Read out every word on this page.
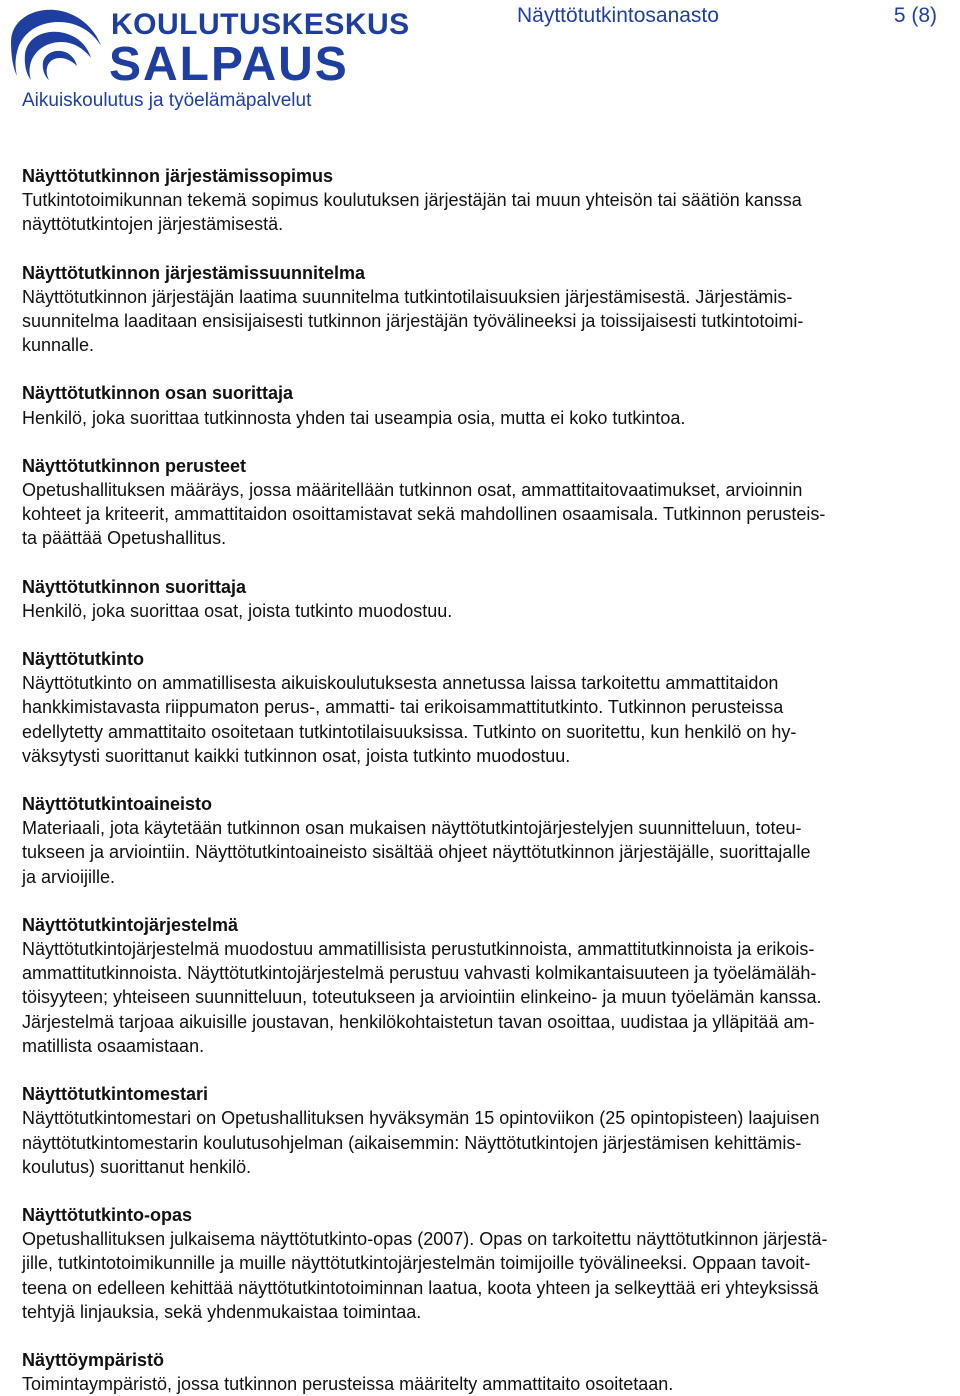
KOULUTUSKESKUS
SALPAUS
Aikuiskoulutus ja työelämäpalvelut
Näyttötutkintosanasto	5 (8)
Näyttötutkinnon järjestämissopimus
Tutkintotoimikunnan tekemä sopimus koulutuksen järjestäjän tai muun yhteisön tai säätiön kanssa
näyttötutkintojen järjestämisestä.
Näyttötutkinnon järjestämissuunnitelma
Näyttötutkinnon järjestäjän laatima suunnitelma tutkintotilaisuuksien järjestämisestä. Järjestämis-
suunnitelma laaditaan ensisijaisesti tutkinnon järjestäjän työvälineeksi ja toissijaisesti tutkintotoimi-
kunnalle.
Näyttötutkinnon osan suorittaja
Henkilö, joka suorittaa tutkinnosta yhden tai useampia osia, mutta ei koko tutkintoa.
Näyttötutkinnon perusteet
Opetushallituksen määräys, jossa määritellään tutkinnon osat, ammattitaitovaatimukset, arvioinnin
kohteet ja kriteerit, ammattitaidon osoittamistavat sekä mahdollinen osaamisala. Tutkinnon perusteis-
ta päättää Opetushallitus.
Näyttötutkinnon suorittaja
Henkilö, joka suorittaa osat, joista tutkinto muodostuu.
Näyttötutkinto
Näyttötutkinto on ammatillisesta aikuiskoulutuksesta annetussa laissa tarkoitettu ammattitaidon
hankkimistavasta riippumaton perus-, ammatti- tai erikoisammattitutkinto. Tutkinnon perusteissa
edellytetty ammattitaito osoitetaan tutkintotilaisuuksissa. Tutkinto on suoritettu, kun henkilö on hy-
väksytysti suorittanut kaikki tutkinnon osat, joista tutkinto muodostuu.
Näyttötutkintoaineisto
Materiaali, jota käytetään tutkinnon osan mukaisen näyttötutkintojärjestelyjen suunnitteluun, toteu-
tukseen ja arviointiin. Näyttötutkintoaineisto sisältää ohjeet näyttötutkinnon järjestäjälle, suorittajalle
ja arvioijille.
Näyttötutkintojärjestelmä
Näyttötutkintojärjestelmä muodostuu ammatillisista perustutkinnoista, ammattitutkinnoista ja erikois-
ammattitutkinnoista. Näyttötutkintojärjestelmä perustuu vahvasti kolmikantaisuuteen ja työelämäläh-
töisyyteen; yhteiseen suunnitteluun, toteutukseen ja arviointiin elinkeino- ja muun työelämän kanssa.
Järjestelmä tarjoaa aikuisille joustavan, henkilökohtaistetun tavan osoittaa, uudistaa ja ylläpitää am-
matillista osaamistaan.
Näyttötutkintomestari
Näyttötutkintomestari on Opetushallituksen hyväksymän 15 opintoviikon (25 opintopisteen) laajuisen
näyttötutkintomestarin koulutusohjelman (aikaisemmin: Näyttötutkintojen järjestämisen kehittämis-
koulutus) suorittanut henkilö.
Näyttötutkinto-opas
Opetushallituksen julkaisema näyttötutkinto-opas (2007). Opas on tarkoitettu näyttötutkinnon järjestä-
jille, tutkintotoimikunnille ja muille näyttötutkintojärjestelmän toimijoille työvälineeksi. Oppaan tavoit-
teena on edelleen kehittää näyttötutkintotoiminnan laatua, koota yhteen ja selkeyttää eri yhteyksissä
tehtyjä linjauksia, sekä yhdenmukaistaa toimintaa.
Näyttöympäristö
Toimintaympäristö, jossa tutkinnon perusteissa määritelty ammattitaito osoitetaan.
